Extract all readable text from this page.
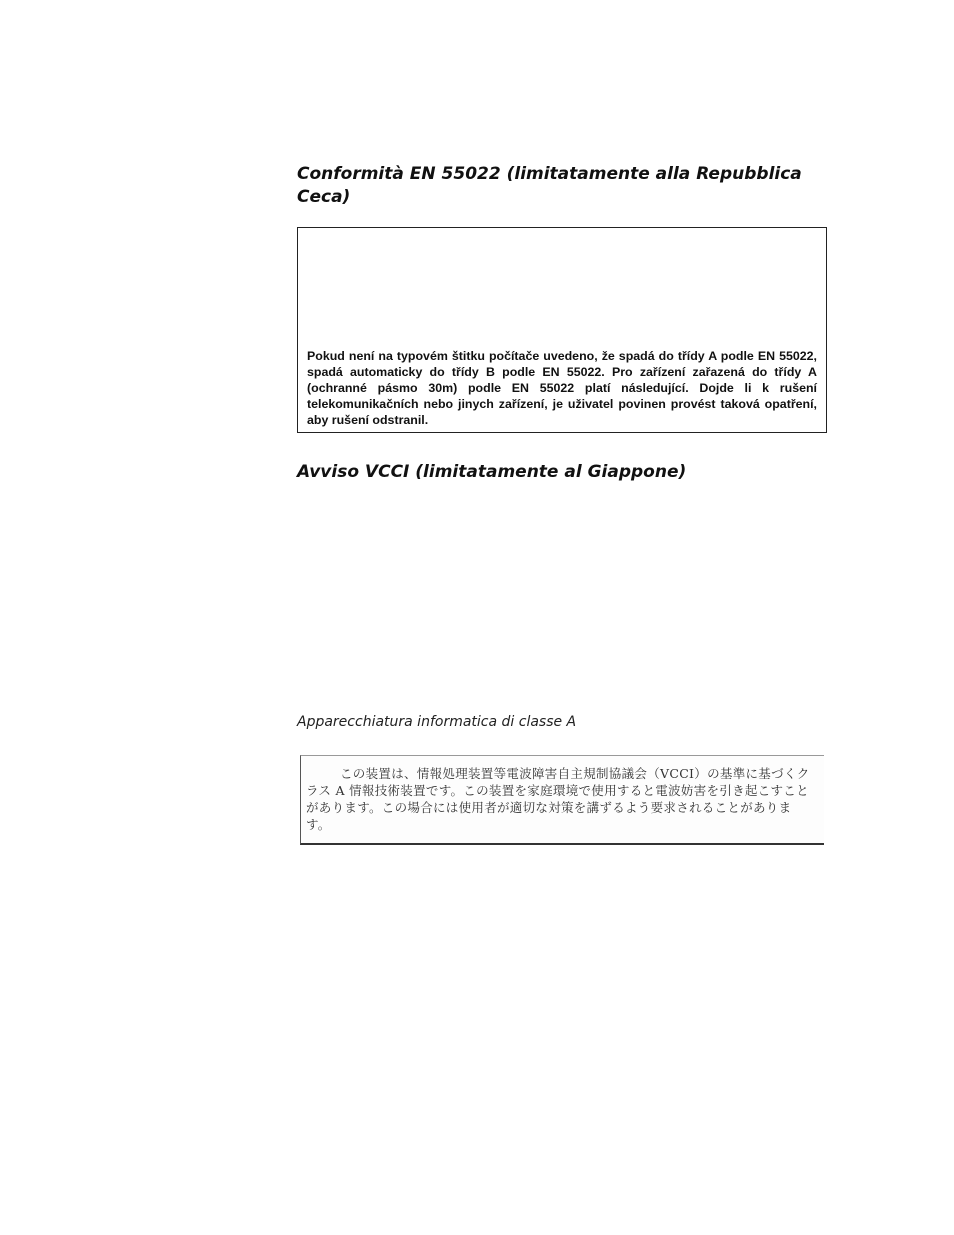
Conformità EN 55022 (limitatamente alla Repubblica Ceca)

Pokud není na typovém štitku počítače uvedeno, že spadá do třídy A podle EN 55022, spadá automaticky do třídy B podle EN 55022. Pro zařízení zařazená do třídy A (ochranné pásmo 30m) podle EN 55022 platí následující. Dojde li k rušení telekomunikačních nebo jinych zařízení, je uživatel povinen provést taková opatření, aby rušení odstranil.

Avviso VCCI (limitatamente al Giappone)

Apparecchiatura informatica di classe A

この装置は、情報処理装置等電波障害自主規制協議会（VCCI）の基準に基づくクラス A 情報技術装置です。この装置を家庭環境で使用すると電波妨害を引き起こすことがあります。この場合には使用者が適切な対策を講ずるよう要求されることがあります。
